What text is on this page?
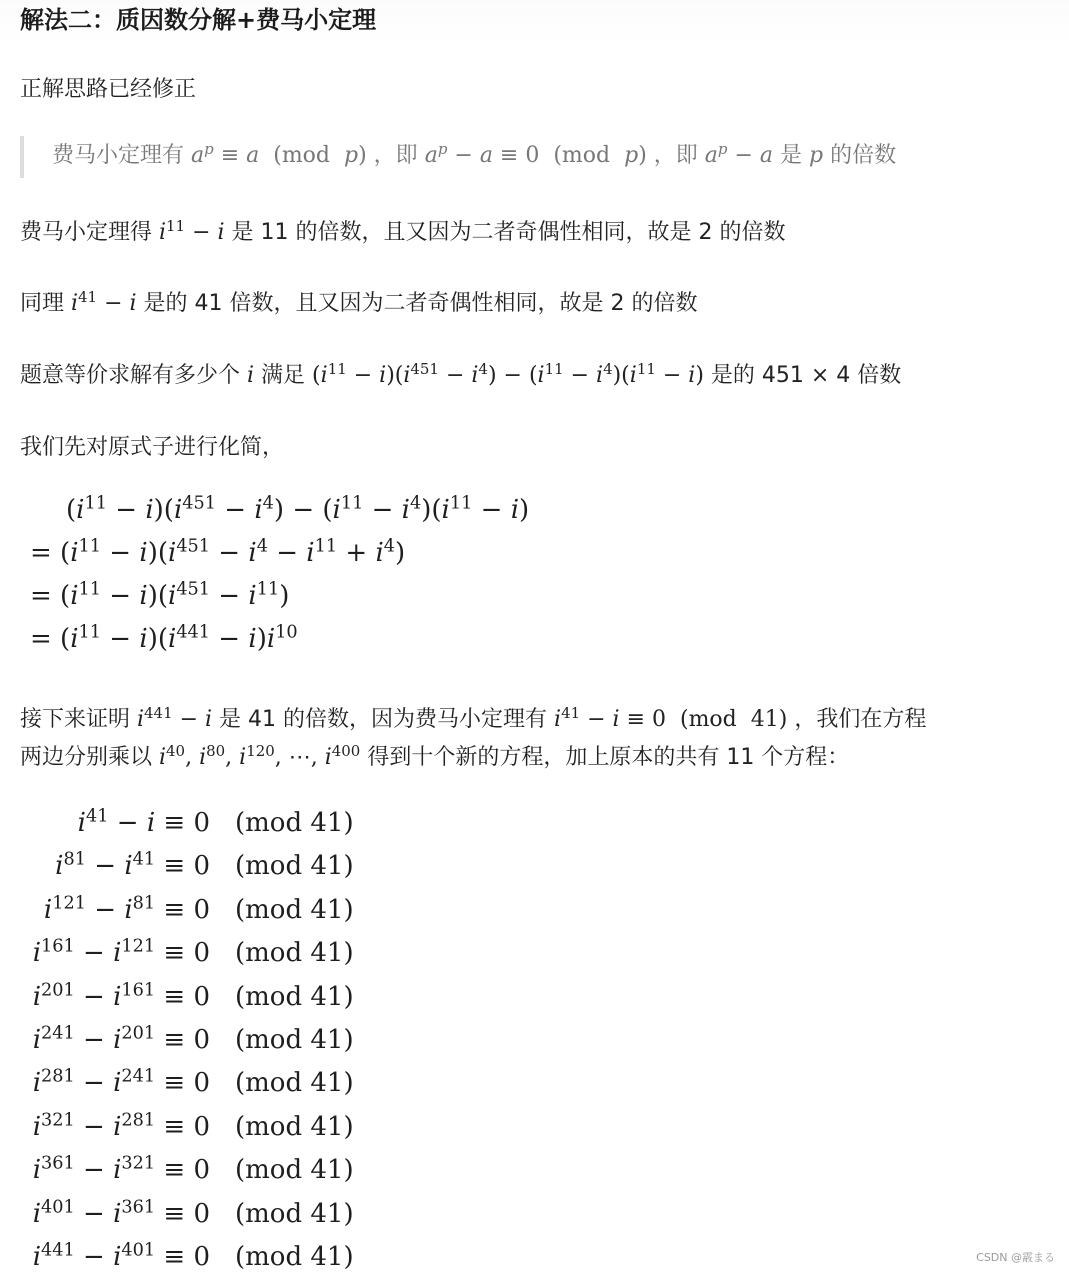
解法二：质因数分解+费马小定理
正解思路已经修正
费马小定理有 $a^p \equiv a$  (mod  p) ，即 $a^p - a \equiv 0$  (mod  p) ，即 $a^p - a$ 是 p 的倍数
费马小定理得 $i^{11} - i$ 是 11 的倍数，且又因为二者奇偶性相同，故是 2 的倍数
同理 $i^{41} - i$ 是的 41 倍数，且又因为二者奇偶性相同，故是 2 的倍数
题意等价求解有多少个 i 满足 $(i^{11} - i)(i^{451} - i^4) - (i^{11} - i^4)(i^{11} - i)$ 是的 451 × 4 倍数
我们先对原式子进行化简，
$(i^{11} - i)(i^{451} - i^4) - (i^{11} - i^4)(i^{11} - i)$
= $(i^{11} - i)(i^{451} - i^4 - i^{11} + i^4)$
= $(i^{11} - i)(i^{451} - i^{11})$
= $(i^{11} - i)(i^{441} - i)i^{10}$
接下来证明 $i^{441} - i$ 是 41 的倍数，因为费马小定理有 $i^{41} - i \equiv 0$  (mod  41) ，我们在方程
两边分别乘以 $i^{40}$, $i^{80}$, $i^{120}$, ⋯, $i^{400}$ 得到十个新的方程，加上原本的共有 11 个方程：
$i^{41} - i \equiv 0$ (mod 41)
$i^{81} - i^{41} \equiv 0$ (mod 41)
$i^{121} - i^{81} \equiv 0$ (mod 41)
$i^{161} - i^{121} \equiv 0$ (mod 41)
$i^{201} - i^{161} \equiv 0$ (mod 41)
$i^{241} - i^{201} \equiv 0$ (mod 41)
$i^{281} - i^{241} \equiv 0$ (mod 41)
$i^{321} - i^{281} \equiv 0$ (mod 41)
$i^{361} - i^{321} \equiv 0$ (mod 41)
$i^{401} - i^{361} \equiv 0$ (mod 41)
$i^{441} - i^{401} \equiv 0$ (mod 41)	CSDN @霰まる
